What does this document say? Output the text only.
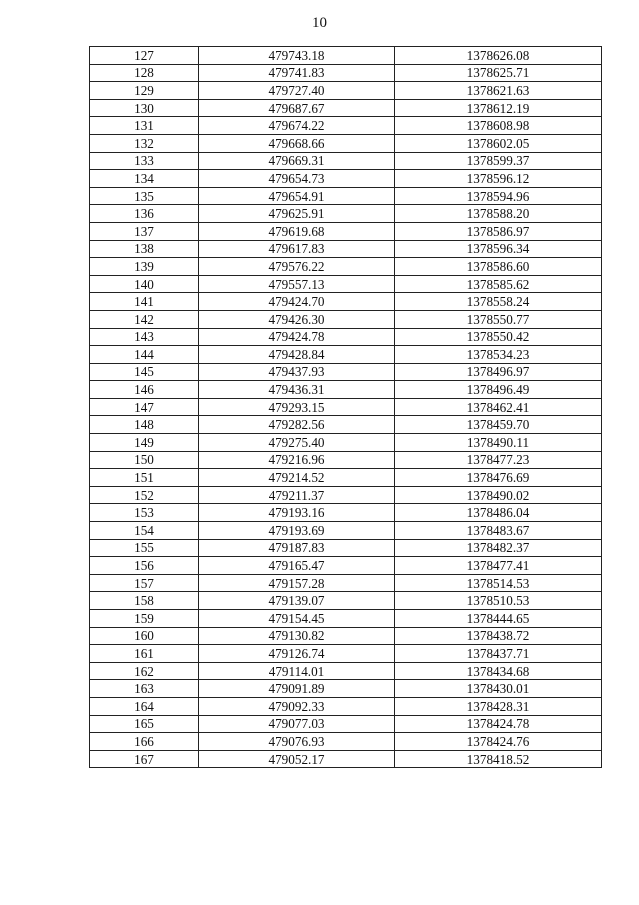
10
127	479743.18	1378626.08
128	479741.83	1378625.71
129	479727.40	1378621.63
130	479687.67	1378612.19
131	479674.22	1378608.98
132	479668.66	1378602.05
133	479669.31	1378599.37
134	479654.73	1378596.12
135	479654.91	1378594.96
136	479625.91	1378588.20
137	479619.68	1378586.97
138	479617.83	1378596.34
139	479576.22	1378586.60
140	479557.13	1378585.62
141	479424.70	1378558.24
142	479426.30	1378550.77
143	479424.78	1378550.42
144	479428.84	1378534.23
145	479437.93	1378496.97
146	479436.31	1378496.49
147	479293.15	1378462.41
148	479282.56	1378459.70
149	479275.40	1378490.11
150	479216.96	1378477.23
151	479214.52	1378476.69
152	479211.37	1378490.02
153	479193.16	1378486.04
154	479193.69	1378483.67
155	479187.83	1378482.37
156	479165.47	1378477.41
157	479157.28	1378514.53
158	479139.07	1378510.53
159	479154.45	1378444.65
160	479130.82	1378438.72
161	479126.74	1378437.71
162	479114.01	1378434.68
163	479091.89	1378430.01
164	479092.33	1378428.31
165	479077.03	1378424.78
166	479076.93	1378424.76
167	479052.17	1378418.52
